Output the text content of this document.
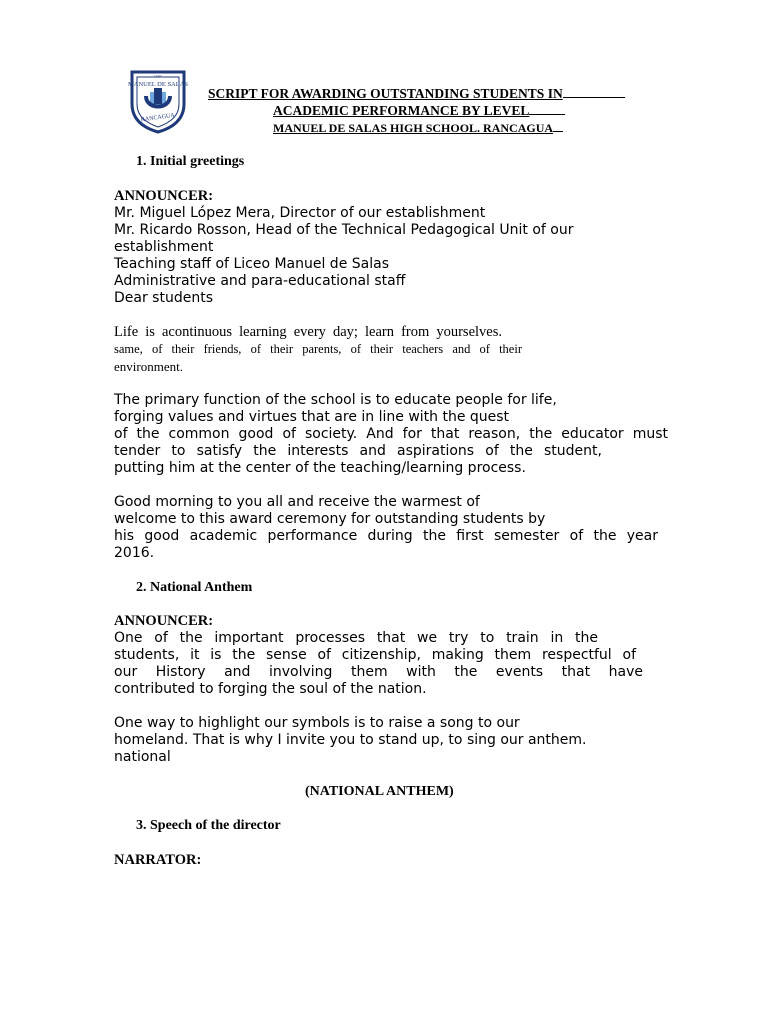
MANUEL DE SALAS
RANCAGUA
LICEO
SCRIPT FOR AWARDING OUTSTANDING STUDENTS IN
ACADEMIC PERFORMANCE BY LEVEL
MANUEL DE SALAS HIGH SCHOOL. RANCAGUA
1. Initial greetings
ANNOUNCER:
Mr. Miguel López Mera, Director of our establishment
Mr. Ricardo Rosson, Head of the Technical Pedagogical Unit of our
establishment
Teaching staff of Liceo Manuel de Salas
Administrative and para-educational staff
Dear students
Life is acontinuous learning every day; learn from yourselves.
same, of their friends, of their parents, of their teachers and of their
environment.
The primary function of the school is to educate people for life,
forging values and virtues that are in line with the quest
of the common good of society. And for that reason, the educator must
tender to satisfy the interests and aspirations of the student,
putting him at the center of the teaching/learning process.
Good morning to you all and receive the warmest of
welcome to this award ceremony for outstanding students by
his good academic performance during the first semester of the year
2016.
2. National Anthem
ANNOUNCER:
One of the important processes that we try to train in the
students, it is the sense of citizenship, making them respectful of
our History and involving them with the events that have
contributed to forging the soul of the nation.
One way to highlight our symbols is to raise a song to our
homeland. That is why I invite you to stand up, to sing our anthem.
national
(NATIONAL ANTHEM)
3. Speech of the director
NARRATOR:
